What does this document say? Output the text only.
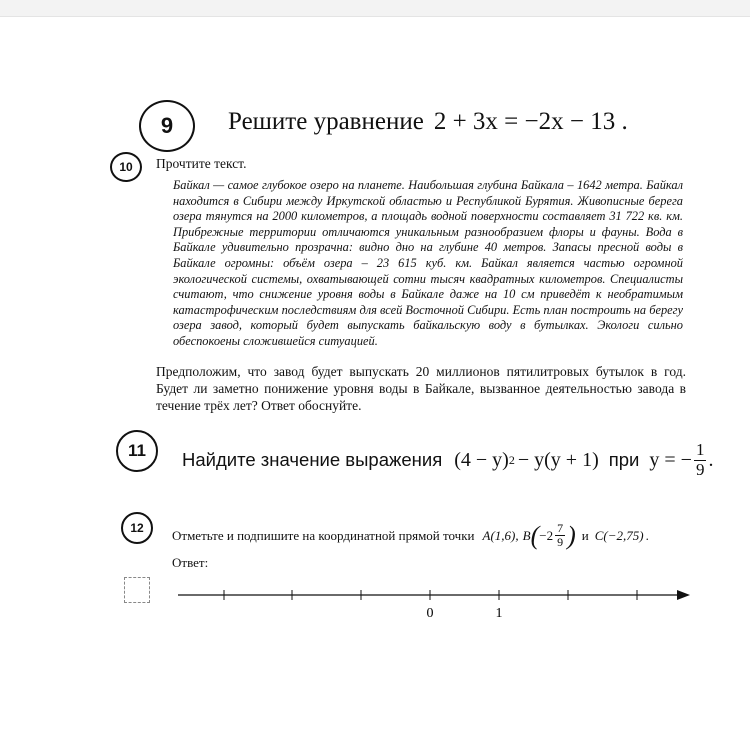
9	Решите уравнение 2 + 3x = −2x − 13 .
10	Прочтите текст.
Байкал — самое глубокое озеро на планете. Наибольшая глубина Байкала – 1642 метра. Байкал находится в Сибири между Иркутской областью и Республикой Бурятия. Живописные берега озера тянутся на 2000 километров, а площадь водной поверхности составляет 31 722 кв. км. Прибрежные территории отличаются уникальным разнообразием флоры и фауны. Вода в Байкале удивительно прозрачна: видно дно на глубине 40 метров. Запасы пресной воды в Байкале огромны: объём озера – 23 615 куб. км. Байкал является частью огромной экологической системы, охватывающей сотни тысяч квадратных километров. Специалисты считают, что снижение уровня воды в Байкале даже на 10 см приведёт к необратимым катастрофическим последствиям для всей Восточной Сибири. Есть план построить на берегу озера завод, который будет выпускать байкальскую воду в бутылках. Экологи сильно обеспокоены сложившейся ситуацией.
Предположим, что завод будет выпускать 20 миллионов пятилитровых бутылок в год. Будет ли заметно понижение уровня воды в Байкале, вызванное деятельностью завода в течение трёх лет? Ответ обоснуйте.
11	Найдите значение выражения (4 − y) 2 − y(y + 1) при y = − $\frac{1}{9}$ .
12	Отметьте и подпишите на координатной прямой точки A(1,6), B ( $-2 \frac{7}{9}$ ) и C(−2,75) .
Ответ:
0	1
